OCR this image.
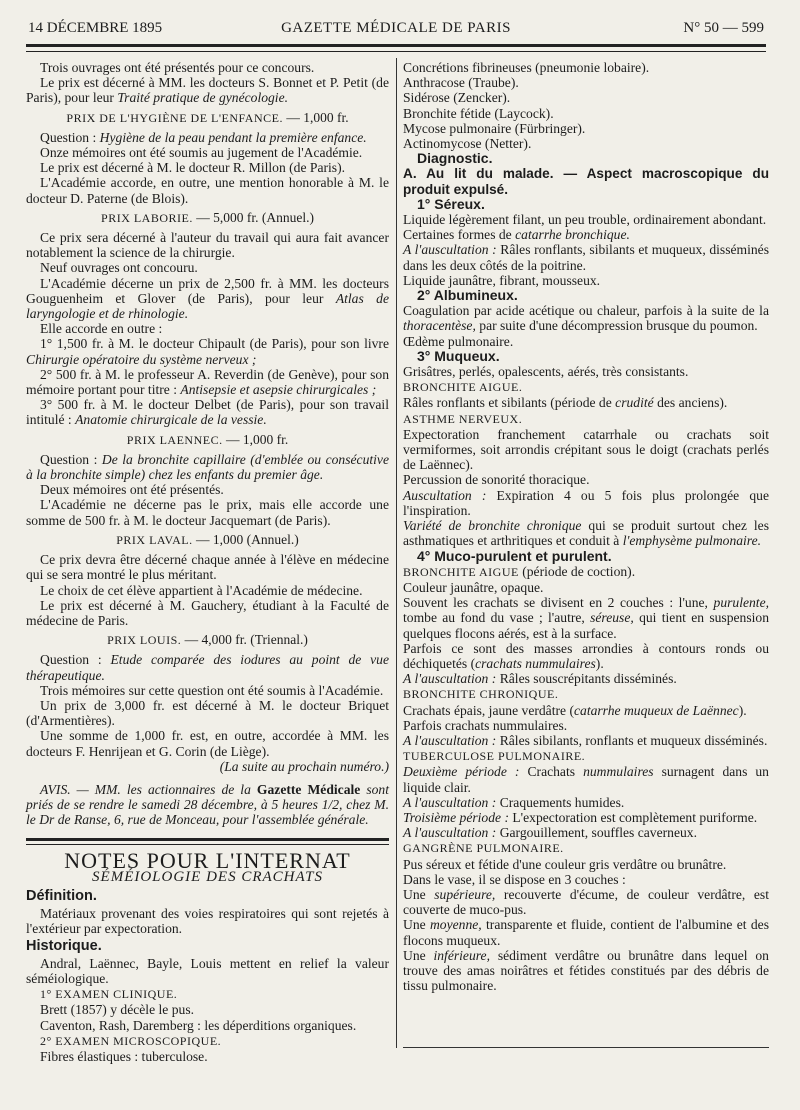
14 DÉCEMBRE 1895	GAZETTE MÉDICALE DE PARIS	N° 50 — 599

Trois ouvrages ont été présentés pour ce concours.

Le prix est décerné à MM. les docteurs S. Bonnet et P. Petit (de Paris), pour leur Traité pratique de gynécologie.

PRIX DE L'HYGIÈNE DE L'ENFANCE. — 1,000 fr.

Question : Hygiène de la peau pendant la première enfance.

Onze mémoires ont été soumis au jugement de l'Académie.

Le prix est décerné à M. le docteur R. Millon (de Paris).

L'Académie accorde, en outre, une mention honorable à M. le docteur D. Paterne (de Blois).

PRIX LABORIE. — 5,000 fr. (Annuel.)

Ce prix sera décerné à l'auteur du travail qui aura fait avancer notablement la science de la chirurgie.

Neuf ouvrages ont concouru.

L'Académie décerne un prix de 2,500 fr. à MM. les docteurs Gouguenheim et Glover (de Paris), pour leur Atlas de laryngologie et de rhinologie.

Elle accorde en outre :

1° 1,500 fr. à M. le docteur Chipault (de Paris), pour son livre Chirurgie opératoire du système nerveux ;

2° 500 fr. à M. le professeur A. Reverdin (de Genève), pour son mémoire portant pour titre : Antisepsie et asepsie chirurgicales ;

3° 500 fr. à M. le docteur Delbet (de Paris), pour son travail intitulé : Anatomie chirurgicale de la vessie.

PRIX LAENNEC. — 1,000 fr.

Question : De la bronchite capillaire (d'emblée ou consécutive à la bronchite simple) chez les enfants du premier âge.

Deux mémoires ont été présentés.

L'Académie ne décerne pas le prix, mais elle accorde une somme de 500 fr. à M. le docteur Jacquemart (de Paris).

PRIX LAVAL. — 1,000 (Annuel.)

Ce prix devra être décerné chaque année à l'élève en médecine qui se sera montré le plus méritant.

Le choix de cet élève appartient à l'Académie de médecine.

Le prix est décerné à M. Gauchery, étudiant à la Faculté de médecine de Paris.

PRIX LOUIS. — 4,000 fr. (Triennal.)

Question : Etude comparée des iodures au point de vue thérapeutique.

Trois mémoires sur cette question ont été soumis à l'Académie.

Un prix de 3,000 fr. est décerné à M. le docteur Briquet (d'Armentières).

Une somme de 1,000 fr. est, en outre, accordée à MM. les docteurs F. Henrijean et G. Corin (de Liège).

(La suite au prochain numéro.)

AVIS. — MM. les actionnaires de la Gazette Médicale sont priés de se rendre le samedi 28 décembre, à 5 heures 1/2, chez M. le Dr de Ranse, 6, rue de Monceau, pour l'assemblée générale.

NOTES POUR L'INTERNAT
SÉMÉIOLOGIE DES CRACHATS
Définition.

Matériaux provenant des voies respiratoires qui sont rejetés à l'extérieur par expectoration.

Historique.

Andral, Laënnec, Bayle, Louis mettent en relief la valeur séméiologique.

1° EXAMEN CLINIQUE.

Brett (1857) y décèle le pus.

Caventon, Rash, Daremberg : les déperditions organiques.

2° EXAMEN MICROSCOPIQUE.

Fibres élastiques : tuberculose.

Concrétions fibrineuses (pneumonie lobaire).

Anthracose (Traube).

Sidérose (Zencker).

Bronchite fétide (Laycock).

Mycose pulmonaire (Fürbringer).

Actinomycose (Netter).

Diagnostic.

A. Au lit du malade. — Aspect macroscopique du produit expulsé.

1° Séreux.

Liquide légèrement filant, un peu trouble, ordinairement abondant.

Certaines formes de catarrhe bronchique.

A l'auscultation : Râles ronflants, sibilants et muqueux, disséminés dans les deux côtés de la poitrine.

Liquide jaunâtre, fibrant, mousseux.

2° Albumineux.

Coagulation par acide acétique ou chaleur, parfois à la suite de la thoracentèse, par suite d'une décompression brusque du poumon.

Œdème pulmonaire.

3° Muqueux.

Grisâtres, perlés, opalescents, aérés, très consistants.

BRONCHITE AIGUE.

Râles ronflants et sibilants (période de crudité des anciens).

ASTHME NERVEUX.

Expectoration franchement catarrhale ou crachats soit vermiformes, soit arrondis crépitant sous le doigt (crachats perlés de Laënnec).

Percussion de sonorité thoracique.

Auscultation : Expiration 4 ou 5 fois plus prolongée que l'inspiration.

Variété de bronchite chronique qui se produit surtout chez les asthmatiques et arthritiques et conduit à l'emphysème pulmonaire.

4° Muco-purulent et purulent.

BRONCHITE AIGUE (période de coction).

Couleur jaunâtre, opaque.

Souvent les crachats se divisent en 2 couches : l'une, purulente, tombe au fond du vase ; l'autre, séreuse, qui tient en suspension quelques flocons aérés, est à la surface.

Parfois ce sont des masses arrondies à contours ronds ou déchiquetés (crachats nummulaires).

A l'auscultation : Râles souscrépitants disséminés.

BRONCHITE CHRONIQUE.

Crachats épais, jaune verdâtre (catarrhe muqueux de Laënnec).

Parfois crachats nummulaires.

A l'auscultation : Râles sibilants, ronflants et muqueux disséminés.

TUBERCULOSE PULMONAIRE.

Deuxième période : Crachats nummulaires surnagent dans un liquide clair.

A l'auscultation : Craquements humides.

Troisième période : L'expectoration est complètement puriforme.

A l'auscultation : Gargouillement, souffles caverneux.

GANGRÈNE PULMONAIRE.

Pus séreux et fétide d'une couleur gris verdâtre ou brunâtre.

Dans le vase, il se dispose en 3 couches :

Une supérieure, recouverte d'écume, de couleur verdâtre, est couverte de muco-pus.

Une moyenne, transparente et fluide, contient de l'albumine et des flocons muqueux.

Une inférieure, sédiment verdâtre ou brunâtre dans lequel on trouve des amas noirâtres et fétides constitués par des débris de tissu pulmonaire.
